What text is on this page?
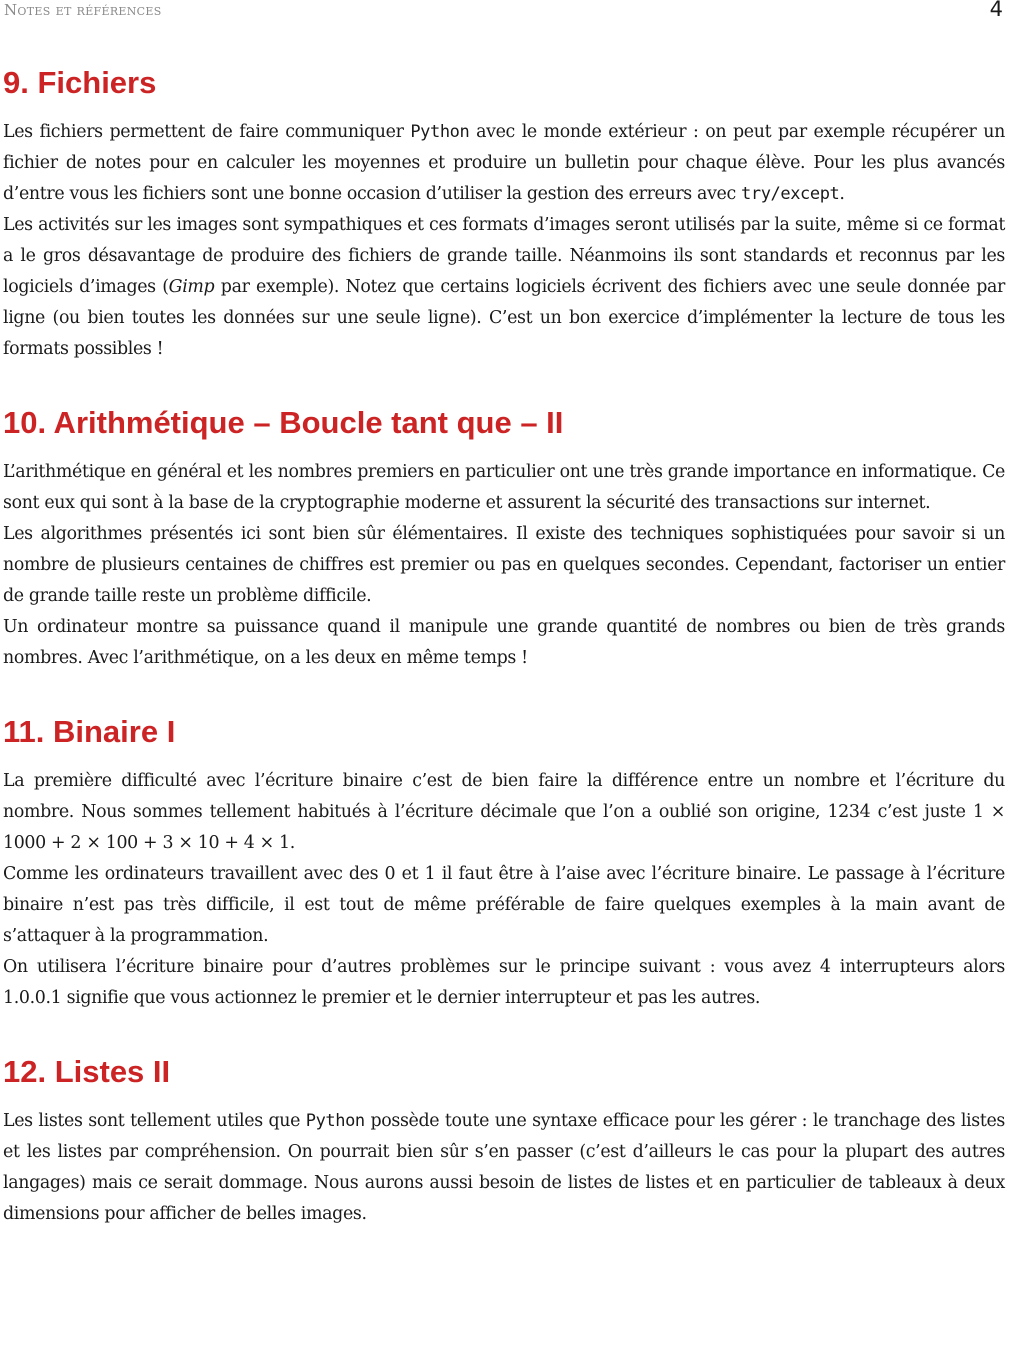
Notes et références	4
9. Fichiers

Les fichiers permettent de faire communiquer Python avec le monde extérieur : on peut par exemple récupérer un fichier de notes pour en calculer les moyennes et produire un bulletin pour chaque élève. Pour les plus avancés d’entre vous les fichiers sont une bonne occasion d’utiliser la gestion des erreurs avec try/except.

Les activités sur les images sont sympathiques et ces formats d’images seront utilisés par la suite, même si ce format a le gros désavantage de produire des fichiers de grande taille. Néanmoins ils sont standards et reconnus par les logiciels d’images (Gimp par exemple). Notez que certains logiciels écrivent des fichiers avec une seule donnée par ligne (ou bien toutes les données sur une seule ligne). C’est un bon exercice d’implémenter la lecture de tous les formats possibles !

10. Arithmétique – Boucle tant que – II

L’arithmétique en général et les nombres premiers en particulier ont une très grande importance en informatique. Ce sont eux qui sont à la base de la cryptographie moderne et assurent la sécurité des transactions sur internet.

Les algorithmes présentés ici sont bien sûr élémentaires. Il existe des techniques sophistiquées pour savoir si un nombre de plusieurs centaines de chiffres est premier ou pas en quelques secondes. Cependant, factoriser un entier de grande taille reste un problème difficile.

Un ordinateur montre sa puissance quand il manipule une grande quantité de nombres ou bien de très grands nombres. Avec l’arithmétique, on a les deux en même temps !

11. Binaire I

La première difficulté avec l’écriture binaire c’est de bien faire la différence entre un nombre et l’écriture du nombre. Nous sommes tellement habitués à l’écriture décimale que l’on a oublié son origine, 1234 c’est juste 1 × 1000 + 2 × 100 + 3 × 10 + 4 × 1.

Comme les ordinateurs travaillent avec des 0 et 1 il faut être à l’aise avec l’écriture binaire. Le passage à l’écriture binaire n’est pas très difficile, il est tout de même préférable de faire quelques exemples à la main avant de s’attaquer à la programmation.

On utilisera l’écriture binaire pour d’autres problèmes sur le principe suivant : vous avez 4 interrupteurs alors 1.0.0.1 signifie que vous actionnez le premier et le dernier interrupteur et pas les autres.

12. Listes II

Les listes sont tellement utiles que Python possède toute une syntaxe efficace pour les gérer : le tranchage des listes et les listes par compréhension. On pourrait bien sûr s’en passer (c’est d’ailleurs le cas pour la plupart des autres langages) mais ce serait dommage. Nous aurons aussi besoin de listes de listes et en particulier de tableaux à deux dimensions pour afficher de belles images.
